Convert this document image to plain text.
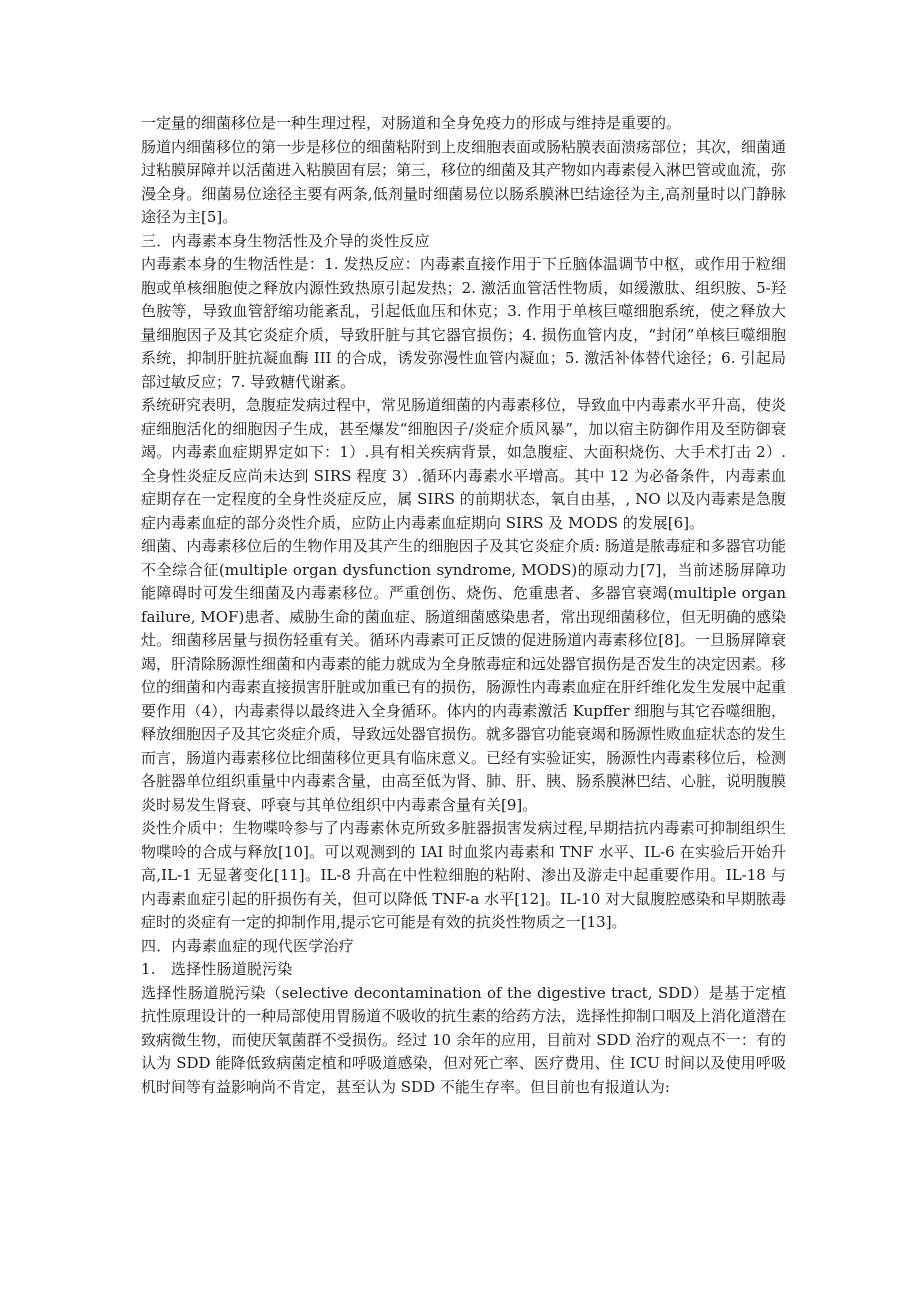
一定量的细菌移位是一种生理过程，对肠道和全身免疫力的形成与维持是重要的。

肠道内细菌移位的第一步是移位的细菌粘附到上皮细胞表面或肠粘膜表面溃疡部位；其次，细菌通过粘膜屏障并以活菌进入粘膜固有层；第三，移位的细菌及其产物如内毒素侵入淋巴管或血流，弥漫全身。细菌易位途径主要有两条,低剂量时细菌易位以肠系膜淋巴结途径为主,高剂量时以门静脉途径为主[5]。

三．内毒素本身生物活性及介导的炎性反应

内毒素本身的生物活性是：1. 发热反应：内毒素直接作用于下丘脑体温调节中枢，或作用于粒细胞或单核细胞使之释放内源性致热原引起发热；2. 激活血管活性物质，如缓激肽、组织胺、5-羟色胺等，导致血管舒缩功能紊乱，引起低血压和休克；3. 作用于单核巨噬细胞系统，使之释放大量细胞因子及其它炎症介质，导致肝脏与其它器官损伤；4. 损伤血管内皮，“封闭”单核巨噬细胞系统，抑制肝脏抗凝血酶 III 的合成，诱发弥漫性血管内凝血；5. 激活补体替代途径；6. 引起局部过敏反应；7. 导致糖代谢紊。

系统研究表明，急腹症发病过程中，常见肠道细菌的内毒素移位，导致血中内毒素水平升高，使炎症细胞活化的细胞因子生成，甚至爆发“细胞因子/炎症介质风暴”，加以宿主防御作用及至防御衰竭。内毒素血症期界定如下：1）.具有相关疾病背景，如急腹症、大面积烧伤、大手术打击 2）.全身性炎症反应尚未达到 SIRS 程度 3）.循环内毒素水平增高。其中 12 为必备条件，内毒素血症期存在一定程度的全身性炎症反应，属 SIRS 的前期状态，氧自由基，, NO 以及内毒素是急腹症内毒素血症的部分炎性介质，应防止内毒素血症期向 SIRS 及 MODS 的发展[6]。

细菌、内毒素移位后的生物作用及其产生的细胞因子及其它炎症介质: 肠道是脓毒症和多器官功能不全综合征(multiple organ dysfunction syndrome, MODS)的原动力[7]，当前述肠屏障功能障碍时可发生细菌及内毒素移位。严重创伤、烧伤、危重患者、多器官衰竭(multiple organ failure, MOF)患者、威胁生命的菌血症、肠道细菌感染患者，常出现细菌移位，但无明确的感染灶。细菌移居量与损伤轻重有关。循环内毒素可正反馈的促进肠道内毒素移位[8]。一旦肠屏障衰竭，肝清除肠源性细菌和内毒素的能力就成为全身脓毒症和远处器官损伤是否发生的决定因素。移位的细菌和内毒素直接损害肝脏或加重已有的损伤，肠源性内毒素血症在肝纤维化发生发展中起重要作用（4），内毒素得以最终进入全身循环。体内的内毒素激活 Kupffer 细胞与其它吞噬细胞，释放细胞因子及其它炎症介质，导致远处器官损伤。就多器官功能衰竭和肠源性败血症状态的发生而言，肠道内毒素移位比细菌移位更具有临床意义。已经有实验证实，肠源性内毒素移位后，检测各脏器单位组织重量中内毒素含量，由高至低为肾、肺、肝、胰、肠系膜淋巴结、心脏，说明腹膜炎时易发生肾衰、呼衰与其单位组织中内毒素含量有关[9]。

炎性介质中：生物喋呤参与了内毒素休克所致多脏器损害发病过程,早期拮抗内毒素可抑制组织生物喋呤的合成与释放[10]。可以观测到的 IAI 时血浆内毒素和 TNF 水平、IL-6 在实验后开始升高,IL-1 无显著变化[11]。IL-8 升高在中性粒细胞的粘附、渗出及游走中起重要作用。IL-18 与内毒素血症引起的肝损伤有关，但可以降低 TNF-a 水平[12]。IL-10 对大鼠腹腔感染和早期脓毒症时的炎症有一定的抑制作用,提示它可能是有效的抗炎性物质之一[13]。

四．内毒素血症的现代医学治疗

1.　选择性肠道脱污染

选择性肠道脱污染（selective decontamination of the digestive tract, SDD）是基于定植抗性原理设计的一种局部使用胃肠道不吸收的抗生素的给药方法，选择性抑制口咽及上消化道潜在致病微生物，而使厌氧菌群不受损伤。经过 10 余年的应用，目前对 SDD 治疗的观点不一：有的认为 SDD 能降低致病菌定植和呼吸道感染，但对死亡率、医疗费用、住 ICU 时间以及使用呼吸机时间等有益影响尚不肯定，甚至认为 SDD 不能生存率。但目前也有报道认为:
